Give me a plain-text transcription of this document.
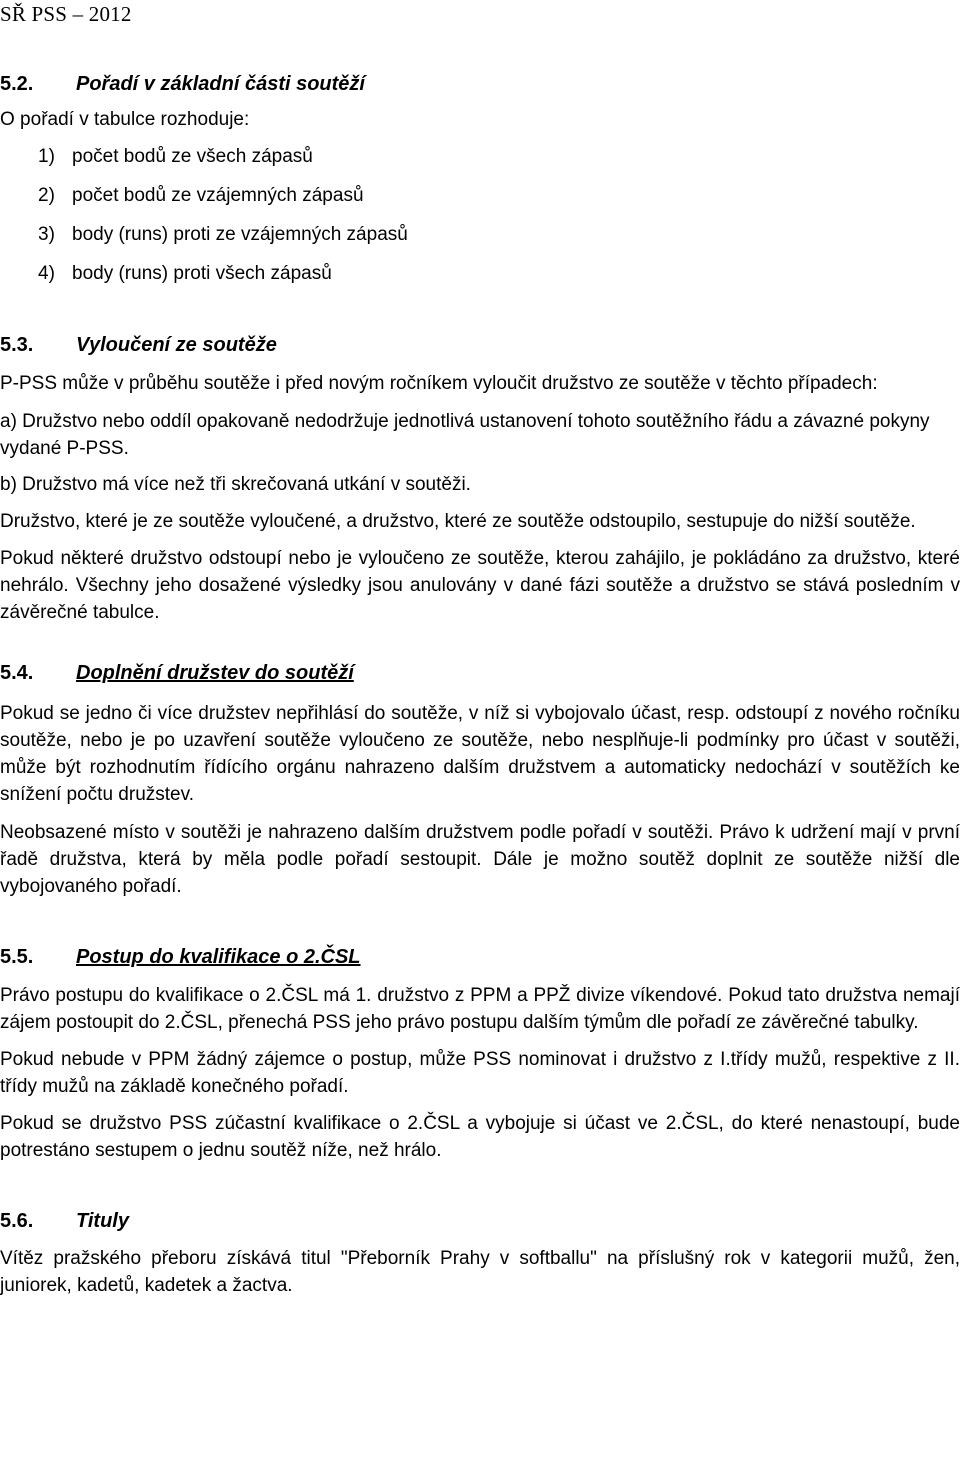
SŘ PSS – 2012
5.2.	Pořadí v základní části soutěží

O pořadí v tabulce rozhoduje:

1) počet bodů ze všech zápasů
2) počet bodů ze vzájemných zápasů
3) body (runs) proti ze vzájemných zápasů
4) body (runs) proti všech zápasů
5.3.	Vyloučení ze soutěže

P-PSS může v průběhu soutěže i před novým ročníkem vyloučit družstvo ze soutěže v těchto případech:

a) Družstvo nebo oddíl opakovaně nedodržuje jednotlivá ustanovení tohoto soutěžního řádu a závazné pokyny vydané P-PSS.

b) Družstvo má více než tři skrečovaná utkání v soutěži.

Družstvo, které je ze soutěže vyloučené, a družstvo, které ze soutěže odstoupilo, sestupuje do nižší soutěže.

Pokud některé družstvo odstoupí nebo je vyloučeno ze soutěže, kterou zahájilo, je pokládáno za družstvo, které nehrálo. Všechny jeho dosažené výsledky jsou anulovány v dané fázi soutěže a družstvo se stává posledním v závěrečné tabulce.

5.4.	Doplnění družstev do soutěží

Pokud se jedno či více družstev nepřihlásí do soutěže, v níž si vybojovalo účast, resp. odstoupí z nového ročníku soutěže, nebo je po uzavření soutěže vyloučeno ze soutěže, nebo nesplňuje-li podmínky pro účast v soutěži, může být rozhodnutím řídícího orgánu nahrazeno dalším družstvem a automaticky nedochází v soutěžích ke snížení počtu družstev.

Neobsazené místo v soutěži je nahrazeno dalším družstvem podle pořadí v soutěži. Právo k udržení mají v první řadě družstva, která by měla podle pořadí sestoupit. Dále je možno soutěž doplnit ze soutěže nižší dle vybojovaného pořadí.

5.5.	Postup do kvalifikace o 2.ČSL

Právo postupu do kvalifikace o 2.ČSL má 1. družstvo z PPM a PPŽ divize víkendové. Pokud tato družstva nemají zájem postoupit do 2.ČSL, přenechá PSS jeho právo postupu dalším týmům dle pořadí ze závěrečné tabulky.

Pokud nebude v PPM žádný zájemce o postup, může PSS nominovat i družstvo z I.třídy mužů, respektive z II. třídy mužů na základě konečného pořadí.

Pokud se družstvo PSS zúčastní kvalifikace o 2.ČSL a vybojuje si účast ve 2.ČSL, do které nenastoupí, bude potrestáno sestupem o jednu soutěž níže, než hrálo.

5.6.	Tituly

Vítěz pražského přeboru získává titul "Přeborník Prahy v softballu" na příslušný rok v kategorii mužů, žen, juniorek, kadetů, kadetek a žactva.
